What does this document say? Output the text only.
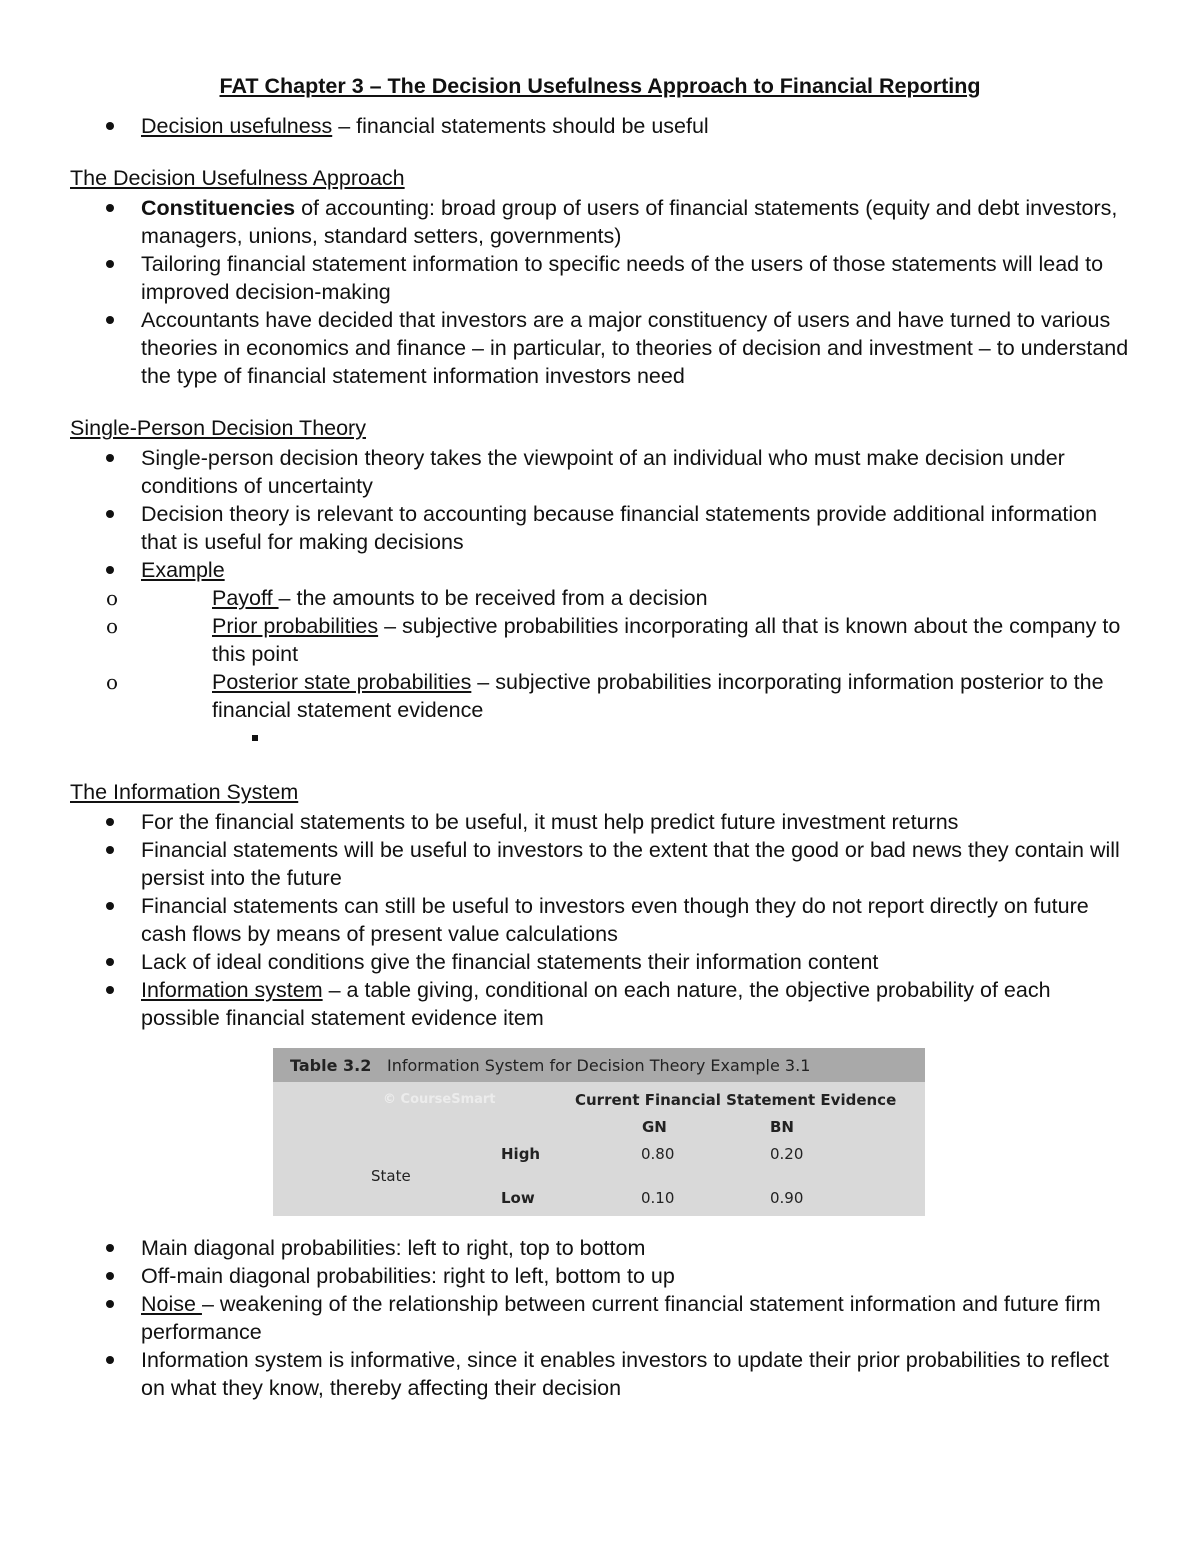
FAT Chapter 3 – The Decision Usefulness Approach to Financial Reporting
Decision usefulness – financial statements should be useful
The Decision Usefulness Approach
Constituencies of accounting: broad group of users of financial statements (equity and debt investors, managers, unions, standard setters, governments)
Tailoring financial statement information to specific needs of the users of those statements will lead to improved decision-making
Accountants have decided that investors are a major constituency of users and have turned to various theories in economics and finance – in particular, to theories of decision and investment – to understand the type of financial statement information investors need
Single-Person Decision Theory
Single-person decision theory takes the viewpoint of an individual who must make decision under conditions of uncertainty
Decision theory is relevant to accounting because financial statements provide additional information that is useful for making decisions
Example
o Payoff – the amounts to be received from a decision
o Prior probabilities – subjective probabilities incorporating all that is known about the company to this point
o Posterior state probabilities – subjective probabilities incorporating information posterior to the financial statement evidence
The Information System
For the financial statements to be useful, it must help predict future investment returns
Financial statements will be useful to investors to the extent that the good or bad news they contain will persist into the future
Financial statements can still be useful to investors even though they do not report directly on future cash flows by means of present value calculations
Lack of ideal conditions give the financial statements their information content
Information system – a table giving, conditional on each nature, the objective probability of each possible financial statement evidence item
Table 3.2 Information System for Decision Theory Example 3.1
© CourseSmart	Current Financial Statement Evidence
GN	BN
State
High	0.80	0.20
Low	0.10	0.90
Main diagonal probabilities: left to right, top to bottom
Off-main diagonal probabilities: right to left, bottom to up
Noise – weakening of the relationship between current financial statement information and future firm performance
Information system is informative, since it enables investors to update their prior probabilities to reflect on what they know, thereby affecting their decision
